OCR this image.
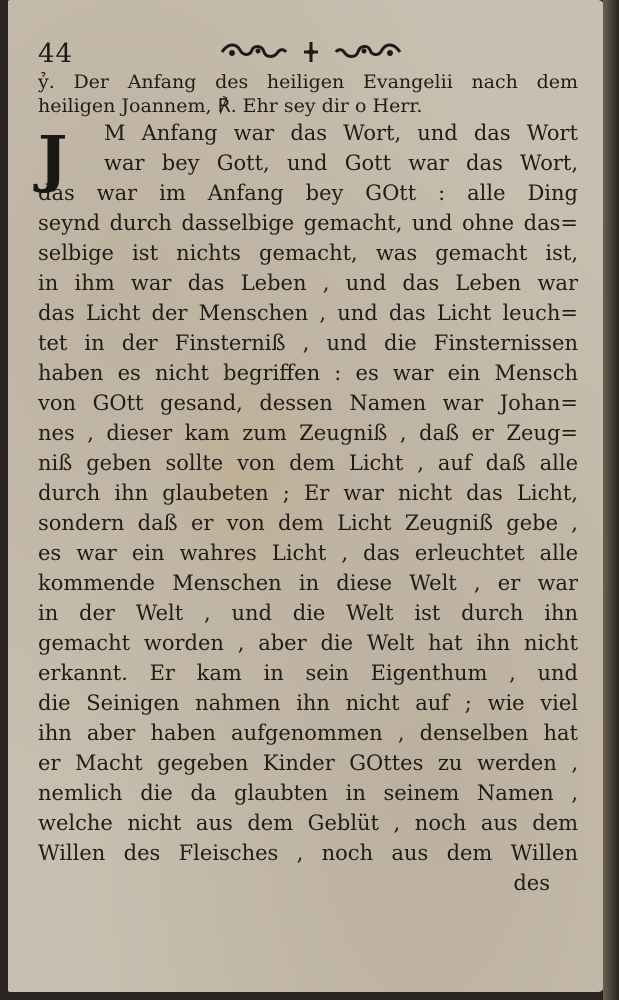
44
ỷ. Der Anfang des heiligen Evangelii nach dem
heiligen Joannem, ℟. Ehr sey dir o Herr.
J	M Anfang war das Wort, und das Wort
war bey Gott, und Gott war das Wort,
das war im Anfang bey GOtt : alle Ding
seynd durch dasselbige gemacht, und ohne das=
selbige ist nichts gemacht, was gemacht ist,
in ihm war das Leben , und das Leben war
das Licht der Menschen , und das Licht leuch=
tet in der Finsterniß , und die Finsternissen
haben es nicht begriffen : es war ein Mensch
von GOtt gesand, dessen Namen war Johan=
nes , dieser kam zum Zeugniß , daß er Zeug=
niß geben sollte von dem Licht , auf daß alle
durch ihn glaubeten ; Er war nicht das Licht,
sondern daß er von dem Licht Zeugniß gebe ,
es war ein wahres Licht , das erleuchtet alle
kommende Menschen in diese Welt , er war
in der Welt , und die Welt ist durch ihn
gemacht worden , aber die Welt hat ihn nicht
erkannt. Er kam in sein Eigenthum , und
die Seinigen nahmen ihn nicht auf ; wie viel
ihn aber haben aufgenommen , denselben hat
er Macht gegeben Kinder GOttes zu werden ,
nemlich die da glaubten in seinem Namen ,
welche nicht aus dem Geblüt , noch aus dem
Willen des Fleisches , noch aus dem Willen
des
